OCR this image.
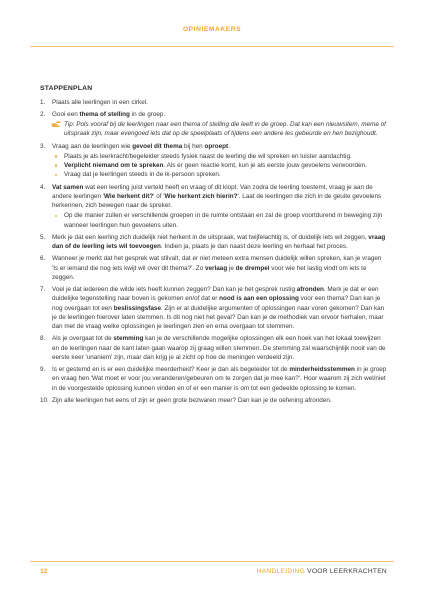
OPINIEMAKERS
STAPPENPLAN
1. Plaats alle leerlingen in een cirkel.
2. Gooi een thema of stelling in de groep.
Tip: Pols vooraf bij de leerlingen naar een thema of stelling die leeft in de groep. Dat kan een nieuwsitem, meme of uitspraak zijn, maar evengoed iets dat op de speelplaats of tijdens een andere les gebeurde en hen bezighoudt.
3. Vraag aan de leerlingen wie gevoel dit thema bij hen oproept.
Plaats je als leerkracht/begeleider steeds fysiek naast de leerling die wil spreken en luister aandachtig.
Verplicht niemand om te spreken. Als er geen reactie komt, kun je als eerste jouw gevoelens verwoorden.
Vraag dat je leerlingen steeds in de ik-persoon spreken.
4. Vat samen wat een leerling juist verteld heeft en vraag of dit klopt. Van zodra de leerling toestemt, vraag je aan de andere leerlingen 'Wie herkent dit?' of 'Wie herkent zich hierin?'. Laat de leerlingen die zich in de geuite gevoelens herkennen, zich bewegen naar de spreker.
Op die manier zullen er verschillende groepen in de ruimte ontstaan en zal de groep voortdurend in beweging zijn wanneer leerlingen hun gevoelens uiten.
5. Merk je dat een leerling zich duidelijk niet herkent in de uitspraak, wat twijfelachtig is, of duidelijk iets wil zeggen, vraag dan of de leerling iets wil toevoegen. Indien ja, plaats je dan naast deze leerling en herhaal het proces.
6. Wanneer je merkt dat het gesprek wat stilvalt, dat er niet meteen extra mensen duidelijk willen spreken, kan je vragen 'Is er iemand die nog iets kwijt wil over dit thema?'. Zo verlaag je de drempel voor wie het lastig vindt om iets te zeggen.
7. Voel je dat iedereen die wilde iets heeft kunnen zeggen? Dan kan je het gesprek rustig afronden. Merk je dat er een duidelijke tegenstelling naar boven is gekomen en/of dat er nood is aan een oplossing voor een thema? Dan kan je nog overgaan tot een beslissingsfase. Zijn er al duidelijke argumenten of oplossingen naar voren gekomen? Dan kan je de leerlingen hierover laten stemmen. Is dit nog niet het geval? Dan kan je de methodiek van ervoor herhalen, maar dan met de vraag welke oplossingen je leerlingen zien en erna overgaan tot stemmen.
8. Als je overgaat tot de stemming kan je de verschillende mogelijke oplossingen elk een hoek van het lokaal toewijzen en de leerlingen naar de kant laten gaan waarop zij graag willen stemmen. De stemming zal waarschijnlijk nooit van de eerste keer 'unaniem' zijn, maar dan krijg je al zicht op hoe de meningen verdeeld zijn.
9. Is er gestemd en is er een duidelijke meerderheid? Keer je dan als begeleider tot de minderheidsstemmen in je groep en vraag hen 'Wat moet er voor jou veranderen/gebeuren om te zorgen dat je mee kan?'. Hoor waarom zij zich wel/niet in de voorgestelde oplossing kunnen vinden en of er een manier is om tot een gedeelde oplossing te komen.
10. Zijn alle leerlingen het eens of zijn er geen grote bezwaren meer? Dan kan je de oefening afronden.
12	HANDLEIDING VOOR LEERKRACHTEN
